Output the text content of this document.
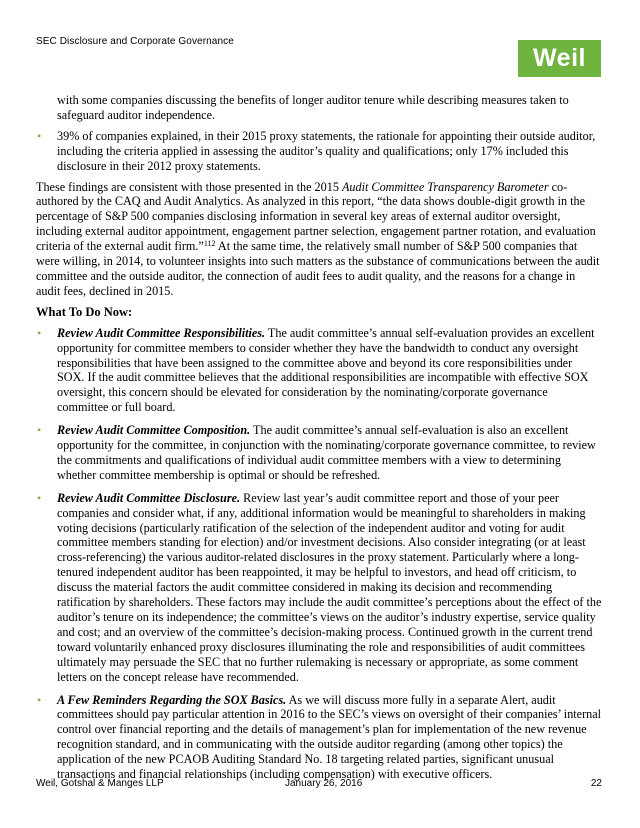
SEC Disclosure and Corporate Governance
Weil

with some companies discussing the benefits of longer auditor tenure while describing measures taken to safeguard auditor independence.

• 39% of companies explained, in their 2015 proxy statements, the rationale for appointing their outside auditor, including the criteria applied in assessing the auditor’s quality and qualifications; only 17% included this disclosure in their 2012 proxy statements.

These findings are consistent with those presented in the 2015 Audit Committee Transparency Barometer co-authored by the CAQ and Audit Analytics. As analyzed in this report, “the data shows double-digit growth in the percentage of S&P 500 companies disclosing information in several key areas of external auditor oversight, including external auditor appointment, engagement partner selection, engagement partner rotation, and evaluation criteria of the external audit firm.”$^{112}$ At the same time, the relatively small number of S&P 500 companies that were willing, in 2014, to volunteer insights into such matters as the substance of communications between the audit committee and the outside auditor, the connection of audit fees to audit quality, and the reasons for a change in audit fees, declined in 2015.

What To Do Now:

• Review Audit Committee Responsibilities. The audit committee’s annual self-evaluation provides an excellent opportunity for committee members to consider whether they have the bandwidth to conduct any oversight responsibilities that have been assigned to the committee above and beyond its core responsibilities under SOX. If the audit committee believes that the additional responsibilities are incompatible with effective SOX oversight, this concern should be elevated for consideration by the nominating/corporate governance committee or full board.

• Review Audit Committee Composition. The audit committee’s annual self-evaluation is also an excellent opportunity for the committee, in conjunction with the nominating/corporate governance committee, to review the commitments and qualifications of individual audit committee members with a view to determining whether committee membership is optimal or should be refreshed.

• Review Audit Committee Disclosure. Review last year’s audit committee report and those of your peer companies and consider what, if any, additional information would be meaningful to shareholders in making voting decisions (particularly ratification of the selection of the independent auditor and voting for audit committee members standing for election) and/or investment decisions. Also consider integrating (or at least cross-referencing) the various auditor-related disclosures in the proxy statement. Particularly where a long-tenured independent auditor has been reappointed, it may be helpful to investors, and head off criticism, to discuss the material factors the audit committee considered in making its decision and recommending ratification by shareholders. These factors may include the audit committee’s perceptions about the effect of the auditor’s tenure on its independence; the committee’s views on the auditor’s industry expertise, service quality and cost; and an overview of the committee’s decision-making process. Continued growth in the current trend toward voluntarily enhanced proxy disclosures illuminating the role and responsibilities of audit committees ultimately may persuade the SEC that no further rulemaking is necessary or appropriate, as some comment letters on the concept release have recommended.

• A Few Reminders Regarding the SOX Basics. As we will discuss more fully in a separate Alert, audit committees should pay particular attention in 2016 to the SEC’s views on oversight of their companies’ internal control over financial reporting and the details of management’s plan for implementation of the new revenue recognition standard, and in communicating with the outside auditor regarding (among other topics) the application of the new PCAOB Auditing Standard No. 18 targeting related parties, significant unusual transactions and financial relationships (including compensation) with executive officers.

Weil, Gotshal & Manges LLP	January 26, 2016	22
